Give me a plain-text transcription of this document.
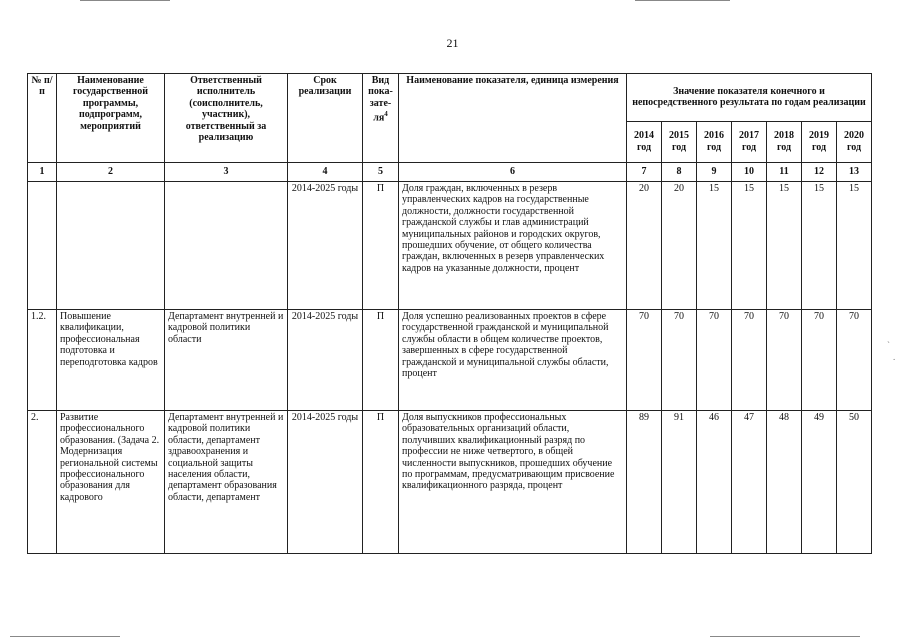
21
`
.
№ п/п	Наименование государственной программы, подпрограмм, мероприятий	Ответственный исполнитель (соисполнитель, участник), ответственный за реализацию	Срок реализации	Вид
пока-
зате-
$ля^4$	Наименование показателя, единица измерения	Значение показателя конечного и непосредственного результата по годам реализации						
						2014 год	2015 год	2016 год	2017 год	2018 год	2019 год	2020 год
1	2	3	4	5	6	7	8	9	10	11	12	13
			2014-2025 годы	П	Доля граждан, включенных в резерв управленческих кадров на государственные должности, должности государственной гражданской службы и глав администраций муниципальных районов и городских округов, прошедших обучение, от общего количества граждан, включенных в резерв управленческих кадров на указанные должности, процент	20	20	15	15	15	15	15
1.2.	Повышение квалификации, профессиональная подготовка и переподготовка кадров	Департамент внутренней и кадровой политики области	2014-2025 годы	П	Доля успешно реализованных проектов в сфере государственной гражданской и муниципальной службы области в общем количестве проектов, завершенных в сфере государственной гражданской и муниципальной службы области, процент	70	70	70	70	70	70	70
2.	Развитие профессионального образования. (Задача 2. Модернизация региональной системы профессионального образования для кадрового	Департамент внутренней и кадровой политики области, департамент здравоохранения и социальной защиты населения области, департамент образования области, департамент	2014-2025 годы	П	Доля выпускников профессиональных образовательных организаций области, получивших квалификационный разряд по профессии не ниже четвертого, в общей численности выпускников, прошедших обучение по программам, предусматривающим присвоение квалификационного разряда, процент	89	91	46	47	48	49	50
